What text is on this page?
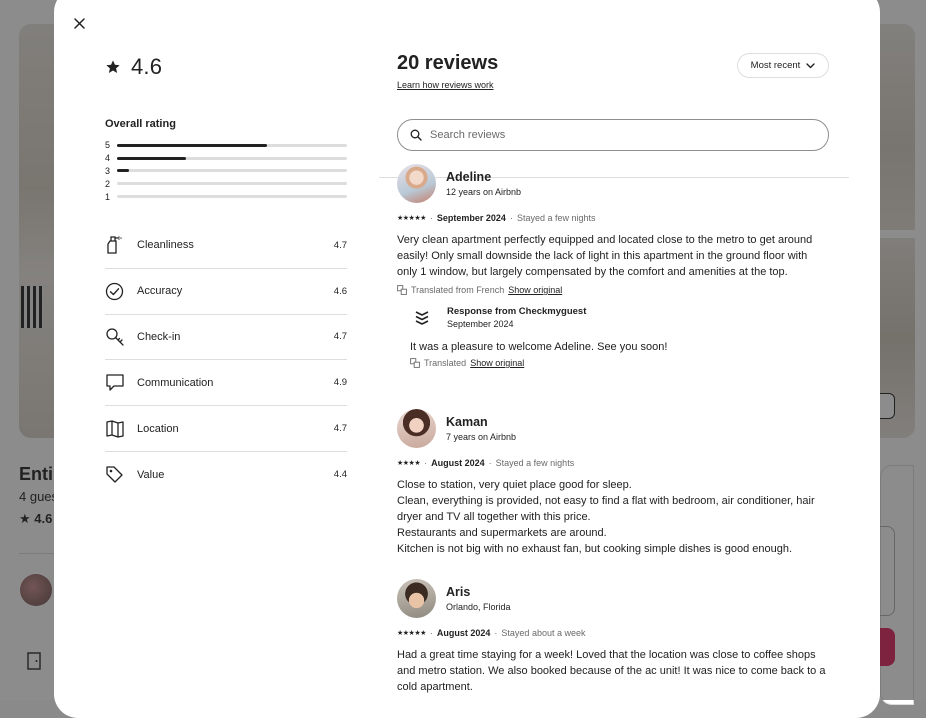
4.6
Overall rating
5
4
3
2
1
Cleanliness	4.7
Accuracy	4.6
Check-in	4.7
Communication	4.9
Location	4.7
Value	4.4
20 reviews
Learn how reviews work
Most recent
Search reviews
Adeline
12 years on Airbnb
★★★★★ · September 2024 · Stayed a few nights
Very clean apartment perfectly equipped and located close to the metro to get around easily! Only small downside the lack of light in this apartment in the ground floor with only 1 window, but largely compensated by the comfort and amenities at the top.
Translated from French Show original
Response from Checkmyguest
September 2024
It was a pleasure to welcome Adeline. See you soon!
Translated Show original
Kaman
7 years on Airbnb
★★★★ · August 2024 · Stayed a few nights
Close to station, very quiet place good for sleep.
Clean, everything is provided, not easy to find a flat with bedroom, air conditioner, hair dryer and TV all together with this price.
Restaurants and supermarkets are around.
Kitchen is not big with no exhaust fan, but cooking simple dishes is good enough.
Aris
Orlando, Florida
★★★★★ · August 2024 · Stayed about a week
Had a great time staying for a week! Loved that the location was close to coffee shops and metro station. We also booked because of the ac unit! It was nice to come back to a cold apartment.
